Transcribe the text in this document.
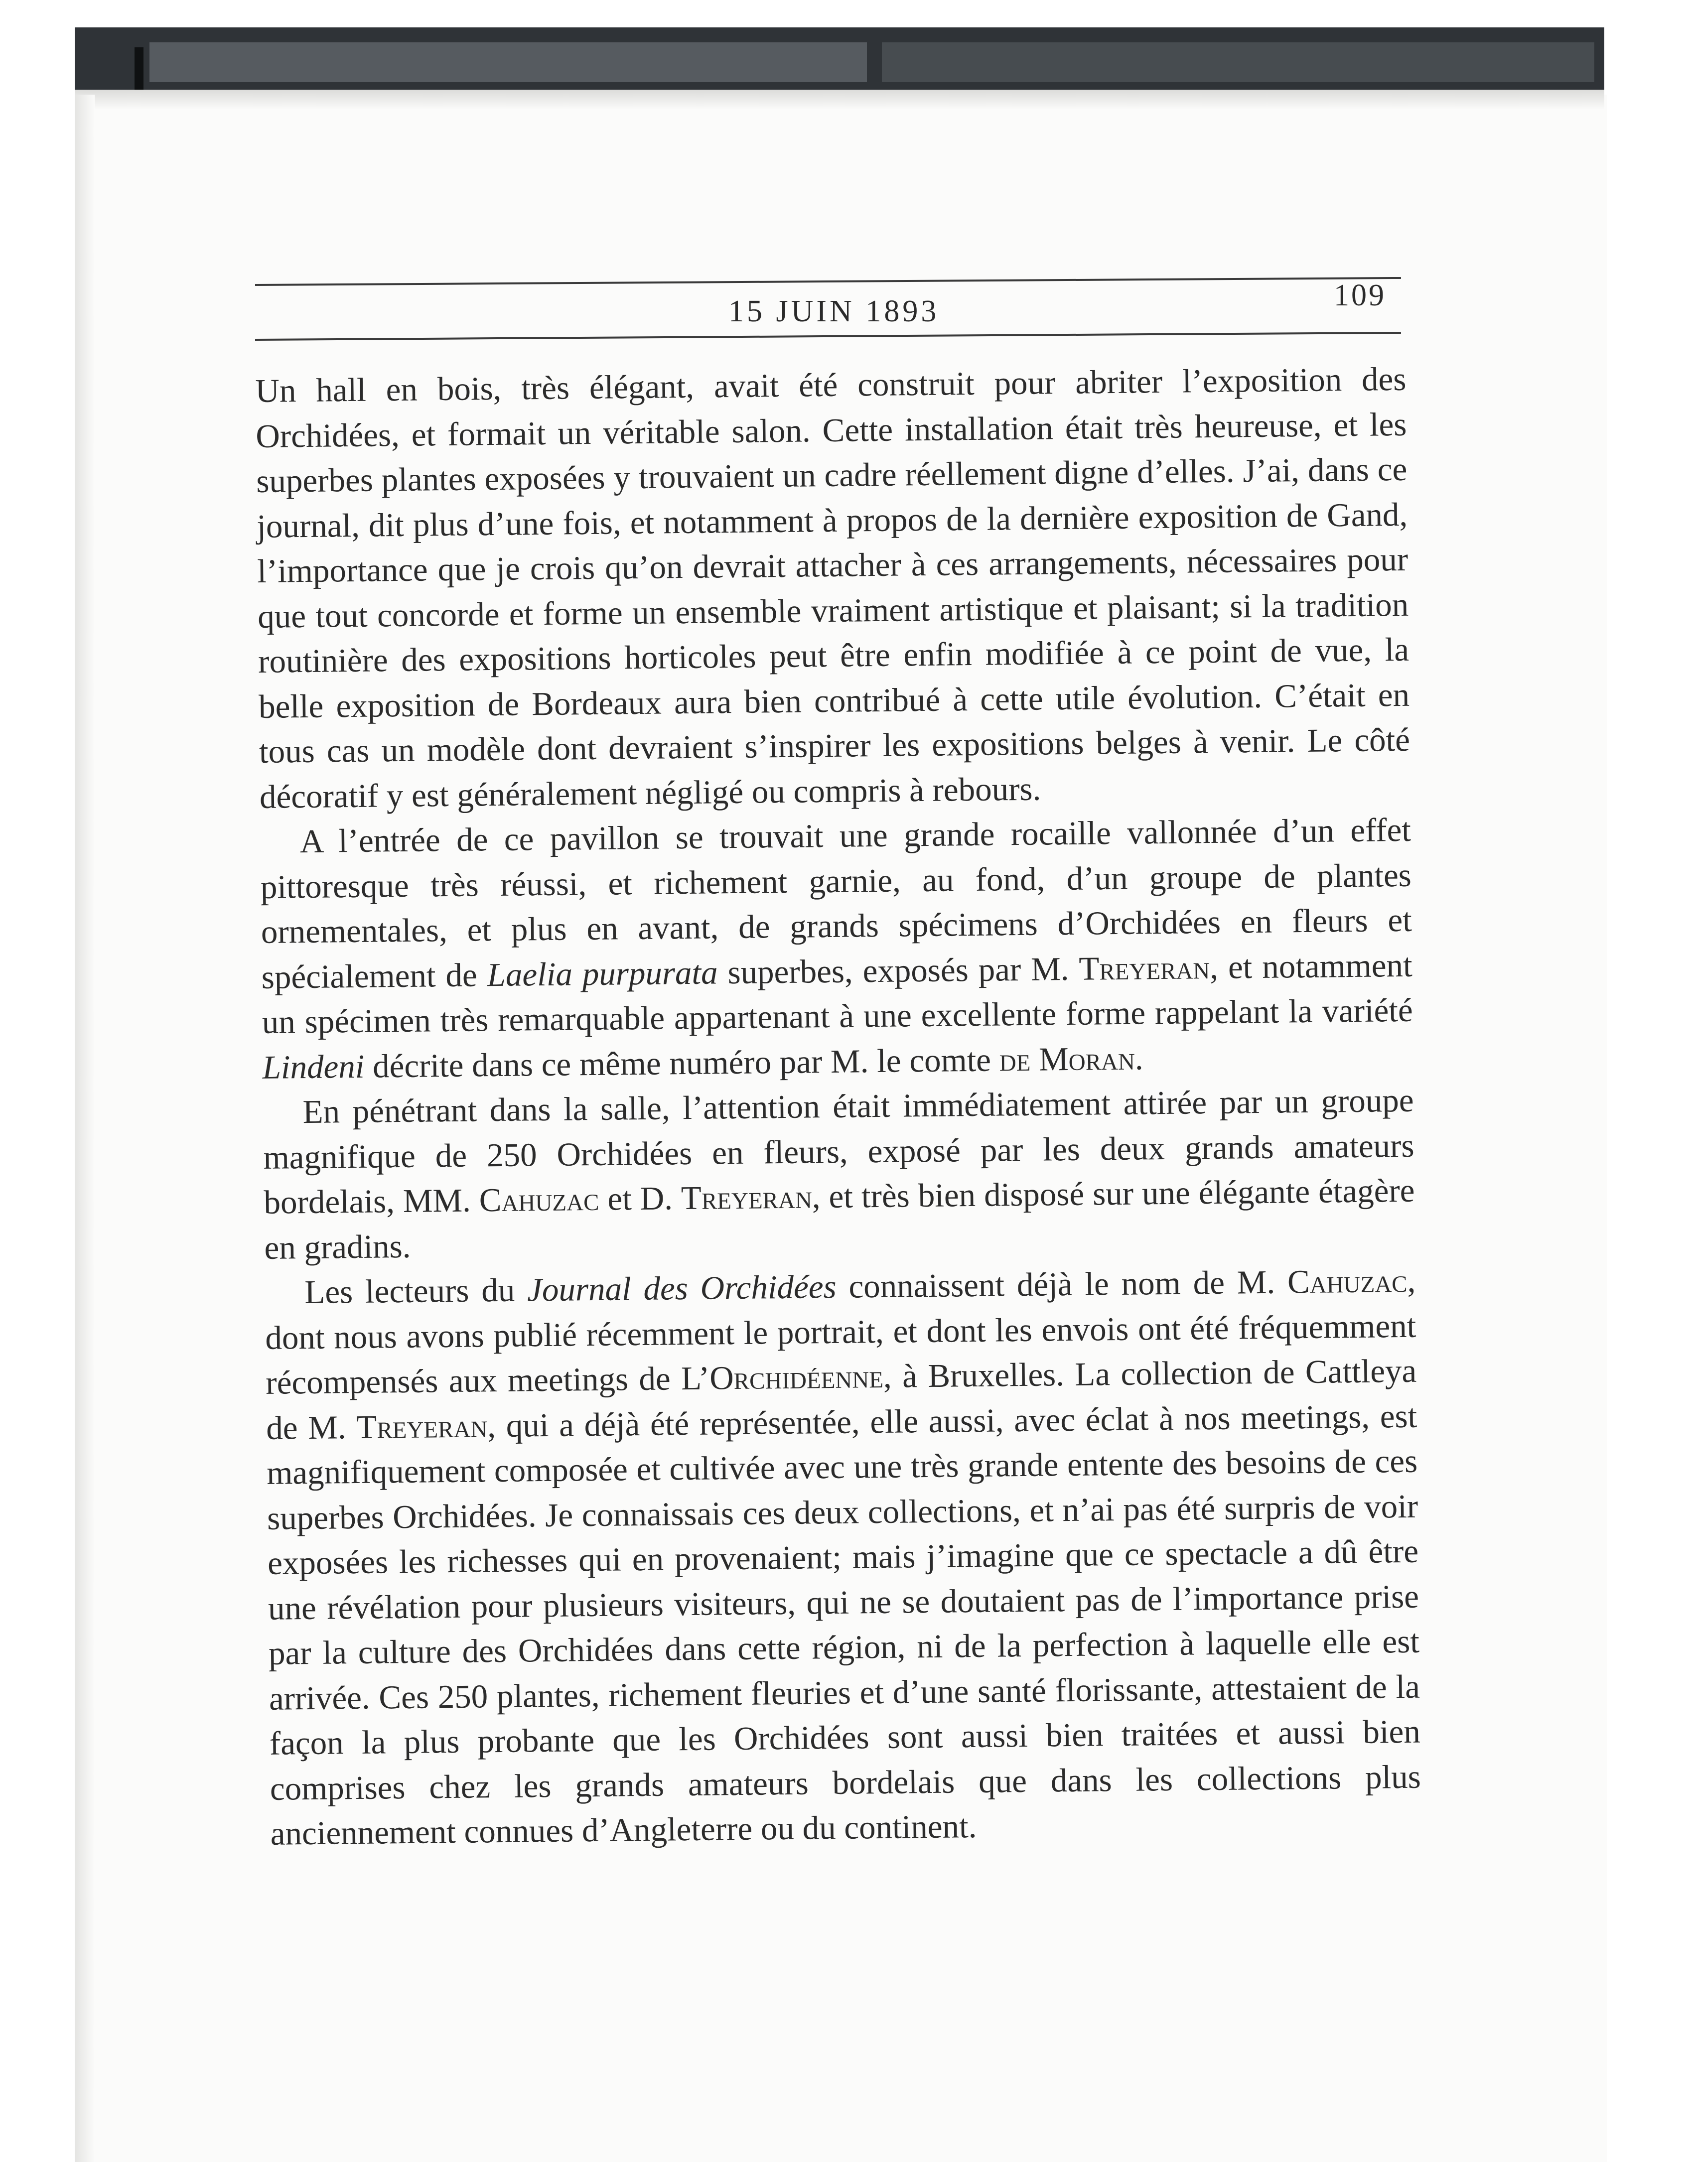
15 JUIN 1893	109

Un hall en bois, très élégant, avait été construit pour abriter l’exposition des Orchidées, et formait un véritable salon. Cette installation était très heureuse, et les superbes plantes exposées y trouvaient un cadre réellement digne d’elles. J’ai, dans ce journal, dit plus d’une fois, et notamment à propos de la dernière exposition de Gand, l’importance que je crois qu’on devrait attacher à ces arrangements, nécessaires pour que tout concorde et forme un ensemble vraiment artistique et plaisant; si la tradition routinière des expositions horticoles peut être enfin modifiée à ce point de vue, la belle exposition de Bordeaux aura bien contribué à cette utile évolution. C’était en tous cas un modèle dont devraient s’inspirer les expositions belges à venir. Le côté décoratif y est généralement négligé ou compris à rebours.

A l’entrée de ce pavillon se trouvait une grande rocaille vallonnée d’un effet pittoresque très réussi, et richement garnie, au fond, d’un groupe de plantes ornementales, et plus en avant, de grands spécimens d’Orchidées en fleurs et spécialement de Laelia purpurata superbes, exposés par M. Treyeran, et notamment un spécimen très remarquable appartenant à une excellente forme rappelant la variété Lindeni décrite dans ce même numéro par M. le comte de Moran.

En pénétrant dans la salle, l’attention était immédiatement attirée par un groupe magnifique de 250 Orchidées en fleurs, exposé par les deux grands amateurs bordelais, MM. Cahuzac et D. Treyeran, et très bien disposé sur une élégante étagère en gradins.

Les lecteurs du Journal des Orchidées connaissent déjà le nom de M. Cahuzac, dont nous avons publié récemment le portrait, et dont les envois ont été fréquemment récompensés aux meetings de L’Orchidéenne, à Bruxelles. La collection de Cattleya de M. Treyeran, qui a déjà été représentée, elle aussi, avec éclat à nos meetings, est magnifiquement composée et cultivée avec une très grande entente des besoins de ces superbes Orchidées. Je connaissais ces deux collections, et n’ai pas été surpris de voir exposées les richesses qui en provenaient; mais j’imagine que ce spectacle a dû être une révélation pour plusieurs visiteurs, qui ne se doutaient pas de l’importance prise par la culture des Orchidées dans cette région, ni de la perfection à laquelle elle est arrivée. Ces 250 plantes, richement fleuries et d’une santé florissante, attestaient de la façon la plus probante que les Orchidées sont aussi bien traitées et aussi bien comprises chez les grands amateurs bordelais que dans les collections plus anciennement connues d’Angleterre ou du continent.
